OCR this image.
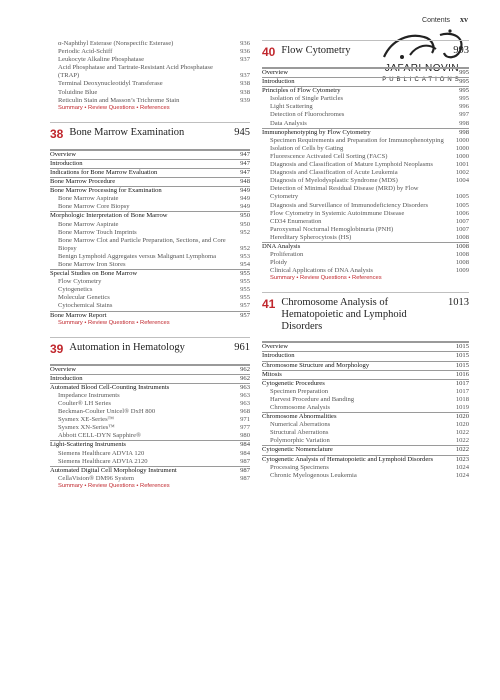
Contents xv
JAFARI NOVIN
PUBLICATIONS
α-Naphthyl Esterase (Nonspecific Esterase)	936
Periodic Acid-Schiff	936
Leukocyte Alkaline Phosphatase	937
Acid Phosphatase and Tartrate-Resistant Acid Phosphatase (TRAP)	937
Terminal Deoxynucleotidyl Transferase	938
Toluidine Blue	938
Reticulin Stain and Masson’s Trichrome Stain	939
Summary • Review Questions • References
38 Bone Marrow Examination	945
Overview	947
Introduction	947
Indications for Bone Marrow Evaluation	947
Bone Marrow Procedure	948
Bone Marrow Processing for Examination	949
Bone Marrow Aspirate	949
Bone Marrow Core Biopsy	949
Morphologic Interpretation of Bone Marrow	950
Bone Marrow Aspirate	950
Bone Marrow Touch Imprints	952
Bone Marrow Clot and Particle Preparation, Sections, and Core Biopsy	952
Benign Lymphoid Aggregates versus Malignant Lymphoma	953
Bone Marrow Iron Stores	954
Special Studies on Bone Marrow	955
Flow Cytometry	955
Cytogenetics	955
Molecular Genetics	955
Cytochemical Stains	957
Bone Marrow Report	957
Summary • Review Questions • References
39 Automation in Hematology	961
Overview	962
Introduction	962
Automated Blood Cell-Counting Instruments	963
Impedance Instruments	963
Coulter® LH Series	963
Beckman-Coulter Unicel® DxH 800	968
Sysmex XE-Series™	971
Sysmex XN-Series™	977
Abbott CELL-DYN Sapphire®	980
Light-Scattering Instruments	984
Siemens Healthcare ADVIA 120	984
Siemens Healthcare ADVIA 2120	987
Automated Digital Cell Morphology Instrument	987
CellaVision® DM96 System	987
Summary • Review Questions • References
40 Flow Cytometry	993
Overview	995
Introduction	995
Principles of Flow Cytometry	995
Isolation of Single Particles	995
Light Scattering	996
Detection of Fluorochromes	997
Data Analysis	998
Immunophenotyping by Flow Cytometry	998
Specimen Requirements and Preparation for Immunophenotyping	1000
Isolation of Cells by Gating	1000
Fluorescence Activated Cell Sorting (FACS)	1000
Diagnosis and Classification of Mature Lymphoid Neoplasms	1001
Diagnosis and Classification of Acute Leukemia	1002
Diagnosis of Myelodysplastic Syndrome (MDS)	1004
Detection of Minimal Residual Disease (MRD) by Flow Cytometry	1005
Diagnosis and Surveillance of Immunodeficiency Disorders	1005
Flow Cytometry in Systemic Autoimmune Disease	1006
CD34 Enumeration	1007
Paroxysmal Nocturnal Hemoglobinuria (PNH)	1007
Hereditary Spherocytosis (HS)	1008
DNA Analysis	1008
Proliferation	1008
Ploidy	1008
Clinical Applications of DNA Analysis	1009
Summary • Review Questions • References
41 Chromosome Analysis of Hematopoietic and Lymphoid Disorders
1013
Overview	1015
Introduction	1015
Chromosome Structure and Morphology	1015
Mitosis	1016
Cytogenetic Procedures	1017
Specimen Preparation	1017
Harvest Procedure and Banding	1018
Chromosome Analysis	1019
Chromosome Abnormalities	1020
Numerical Aberrations	1020
Structural Aberrations	1022
Polymorphic Variation	1022
Cytogenetic Nomenclature	1022
Cytogenetic Analysis of Hematopoietic and Lymphoid Disorders	1023
Processing Specimens	1024
Chronic Myelogenous Leukemia	1024
